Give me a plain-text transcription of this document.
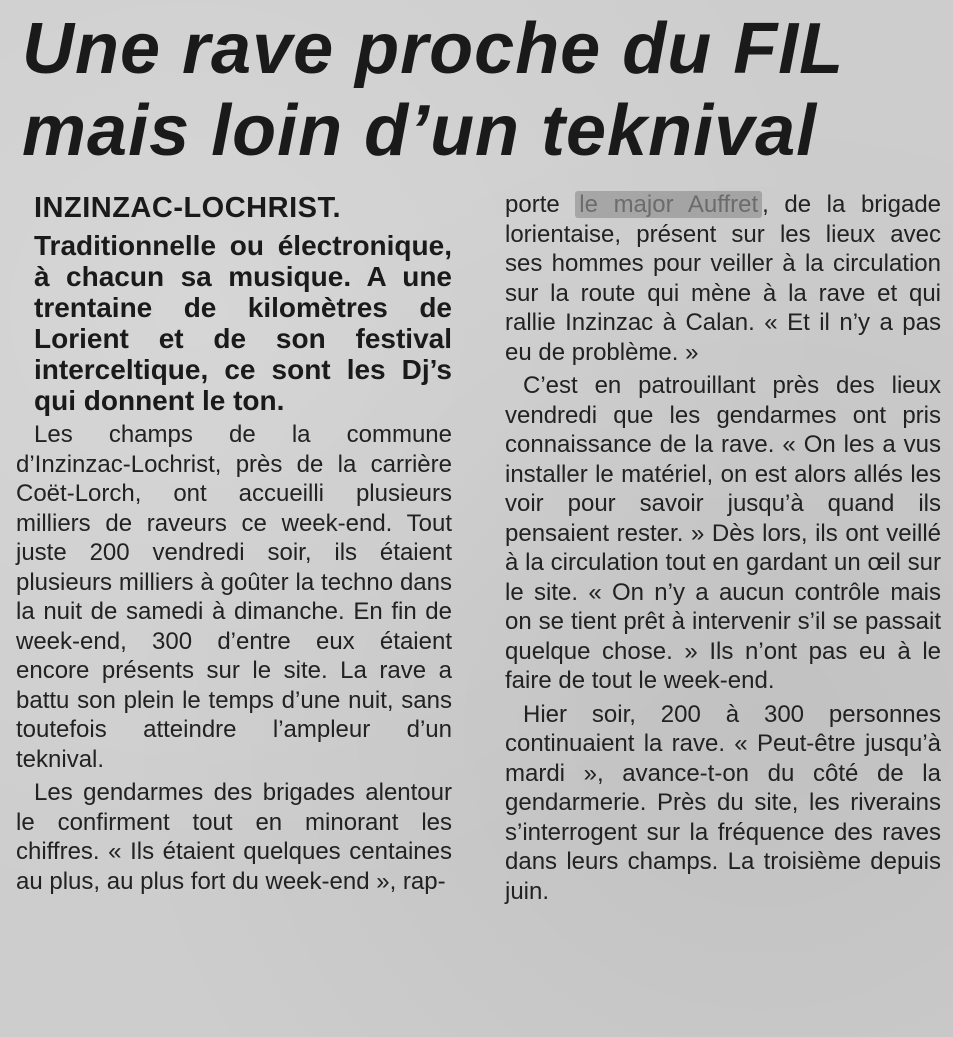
Une rave proche du FIL
mais loin d’un teknival

INZINZAC-LOCHRIST.

Traditionnelle ou électronique, à chacun sa musique. A une trentaine de kilomètres de Lorient et de son festival interceltique, ce sont les Dj’s qui donnent le ton.

Les champs de la commune d’Inzinzac-Lochrist, près de la carrière Coët-Lorch, ont accueilli plusieurs milliers de raveurs ce week-end. Tout juste 200 vendredi soir, ils étaient plusieurs milliers à goûter la techno dans la nuit de samedi à dimanche. En fin de week-end, 300 d’entre eux étaient encore présents sur le site. La rave a battu son plein le temps d’une nuit, sans toutefois atteindre l’ampleur d’un teknival.

Les gendarmes des brigades alentour le confirment tout en minorant les chiffres. « Ils étaient quelques centaines au plus, au plus fort du week-end », rap-

porte le major Auffret , de la brigade lorientaise, présent sur les lieux avec ses hommes pour veiller à la circulation sur la route qui mène à la rave et qui rallie Inzinzac à Calan. « Et il n’y a pas eu de problème. »

C’est en patrouillant près des lieux vendredi que les gendarmes ont pris connaissance de la rave. « On les a vus installer le matériel, on est alors allés les voir pour savoir jusqu’à quand ils pensaient rester. » Dès lors, ils ont veillé à la circulation tout en gardant un œil sur le site. « On n’y a aucun contrôle mais on se tient prêt à intervenir s’il se passait quelque chose. » Ils n’ont pas eu à le faire de tout le week-end.

Hier soir, 200 à 300 personnes continuaient la rave. « Peut-être jusqu’à mardi », avance-t-on du côté de la gendarmerie. Près du site, les riverains s’interrogent sur la fréquence des raves dans leurs champs. La troisième depuis juin.
